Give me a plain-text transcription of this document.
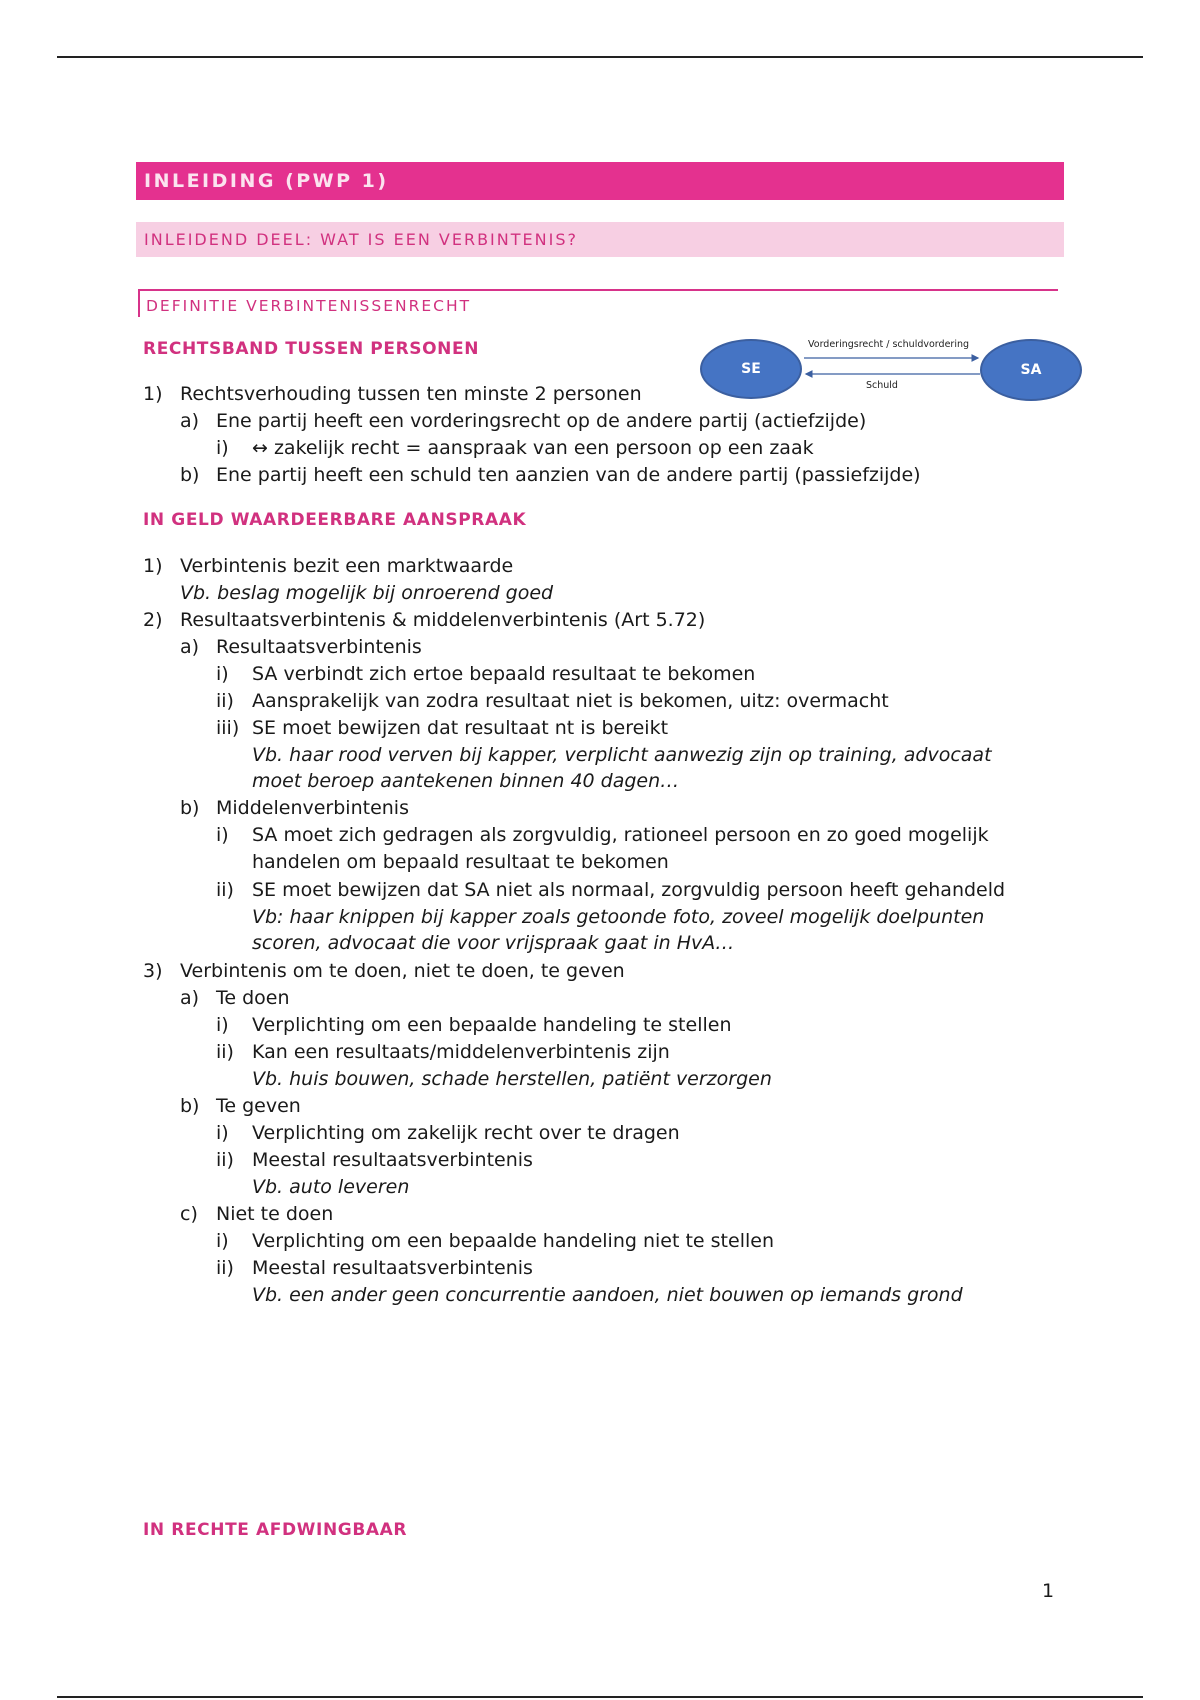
INLEIDING (PWP 1)
INLEIDEND DEEL: WAT IS EEN VERBINTENIS?
DEFINITIE VERBINTENISSENRECHT
SE	SA
Vorderingsrecht / schuldvordering
Schuld
RECHTSBAND TUSSEN PERSONEN
1) Rechtsverhouding tussen ten minste 2 personen
a) Ene partij heeft een vorderingsrecht op de andere partij (actiefzijde)
i) ↔ zakelijk recht = aanspraak van een persoon op een zaak
b) Ene partij heeft een schuld ten aanzien van de andere partij (passiefzijde)
IN GELD WAARDEERBARE AANSPRAAK
1) Verbintenis bezit een marktwaarde
Vb. beslag mogelijk bij onroerend goed
2) Resultaatsverbintenis & middelenverbintenis (Art 5.72)
a) Resultaatsverbintenis
i) SA verbindt zich ertoe bepaald resultaat te bekomen
ii) Aansprakelijk van zodra resultaat niet is bekomen, uitz: overmacht
iii) SE moet bewijzen dat resultaat nt is bereikt
Vb. haar rood verven bij kapper, verplicht aanwezig zijn op training, advocaat
moet beroep aantekenen binnen 40 dagen…
b) Middelenverbintenis
i) SA moet zich gedragen als zorgvuldig, rationeel persoon en zo goed mogelijk
handelen om bepaald resultaat te bekomen
ii) SE moet bewijzen dat SA niet als normaal, zorgvuldig persoon heeft gehandeld
Vb: haar knippen bij kapper zoals getoonde foto, zoveel mogelijk doelpunten
scoren, advocaat die voor vrijspraak gaat in HvA…
3) Verbintenis om te doen, niet te doen, te geven
a) Te doen
i) Verplichting om een bepaalde handeling te stellen
ii) Kan een resultaats/middelenverbintenis zijn
Vb. huis bouwen, schade herstellen, patiënt verzorgen
b) Te geven
i) Verplichting om zakelijk recht over te dragen
ii) Meestal resultaatsverbintenis
Vb. auto leveren
c) Niet te doen
i) Verplichting om een bepaalde handeling niet te stellen
ii) Meestal resultaatsverbintenis
Vb. een ander geen concurrentie aandoen, niet bouwen op iemands grond
IN RECHTE AFDWINGBAAR
1
